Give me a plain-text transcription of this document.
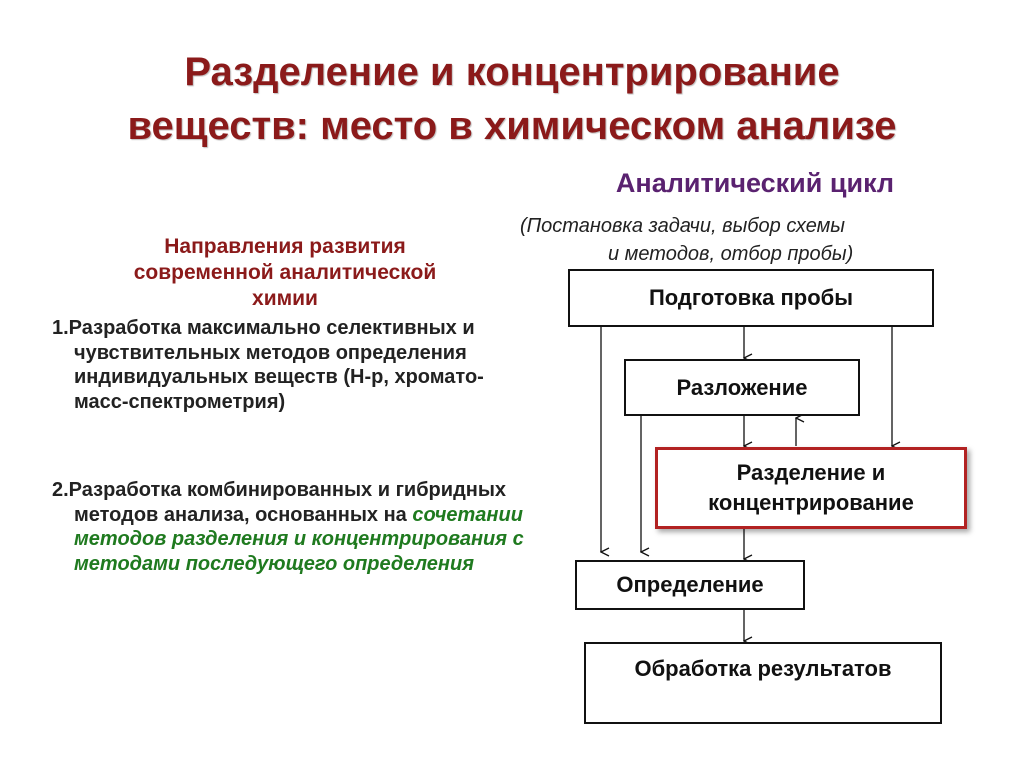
Разделение и концентрирование
веществ: место в химическом анализе
Аналитический цикл
(Постановка задачи, выбор схемы
и методов, отбор пробы)
Направления развития
современной аналитической
химии
1.Разработка максимально селективных и чувствительных методов определения индивидуальных веществ (Н-р, хромато-масс-спектрометрия)
2.Разработка комбинированных и гибридных методов анализа, основанных на сочетании методов разделения и концентрирования с методами последующего определения
Подготовка пробы
Разложение
Разделение и
концентрирование
Определение
Обработка результатов
